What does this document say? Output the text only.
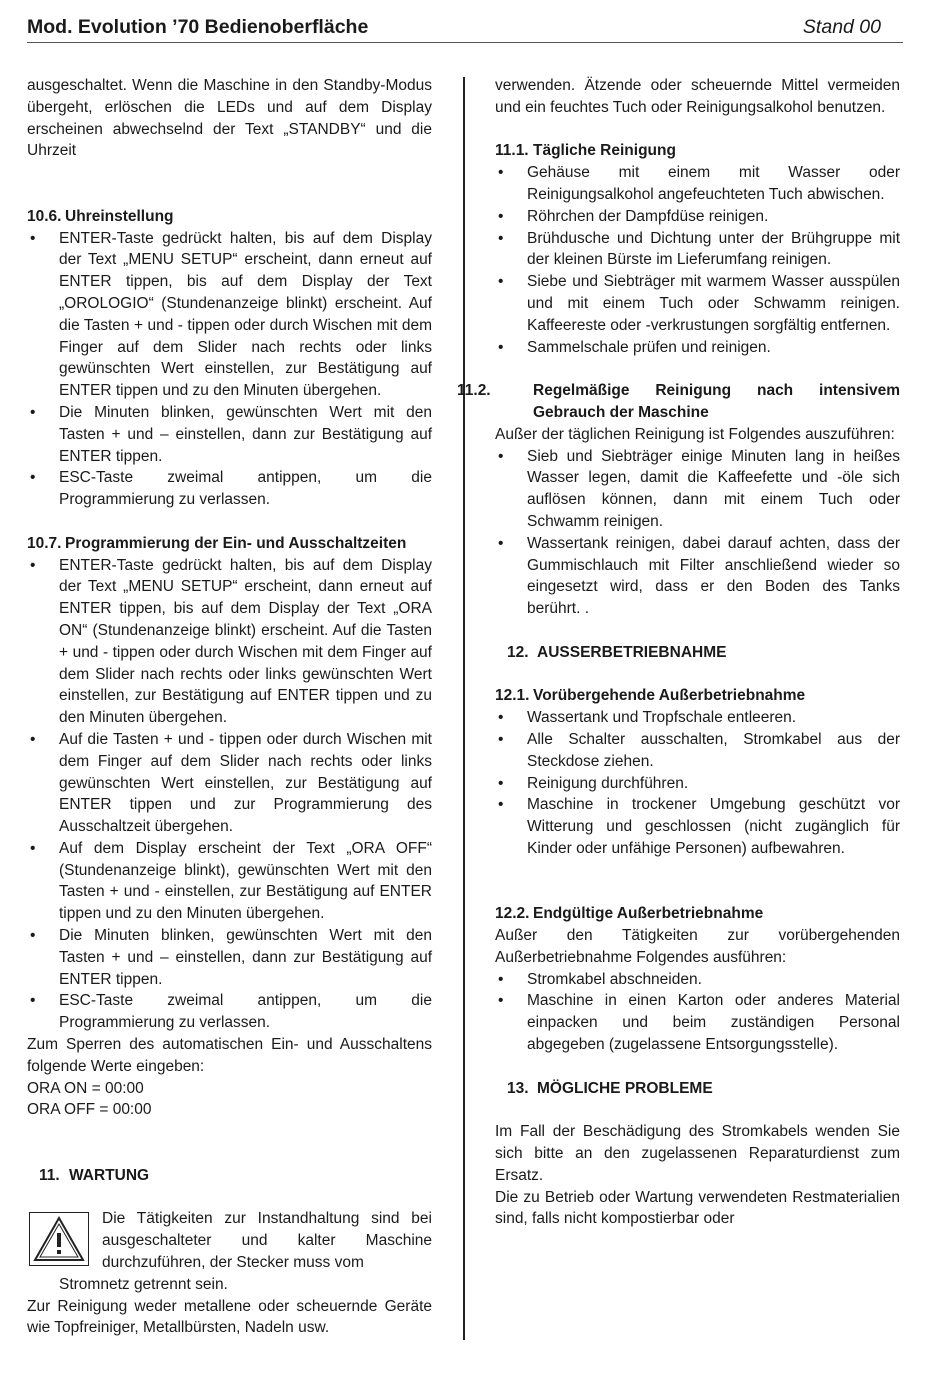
Mod. Evolution ’70 Bedienoberfläche	Stand 00

ausgeschaltet. Wenn die Maschine in den Standby-Modus übergeht, erlöschen die LEDs und auf dem Display erscheinen abwechselnd der Text „STANDBY“ und die Uhrzeit

10.6. Uhreinstellung

• ENTER-Taste gedrückt halten, bis auf dem Display der Text „MENU SETUP“ erscheint, dann erneut auf ENTER tippen, bis auf dem Display der Text „OROLOGIO“ (Stundenanzeige blinkt) erscheint. Auf die Tasten + und - tippen oder durch Wischen mit dem Finger auf dem Slider nach rechts oder links gewünschten Wert einstellen, zur Bestätigung auf ENTER tippen und zu den Minuten übergehen.
• Die Minuten blinken, gewünschten Wert mit den Tasten + und – einstellen, dann zur Bestätigung auf ENTER tippen.
• ESC-Taste zweimal antippen, um die Programmierung zu verlassen.

10.7. Programmierung der Ein- und Ausschaltzeiten

• ENTER-Taste gedrückt halten, bis auf dem Display der Text „MENU SETUP“ erscheint, dann erneut auf ENTER tippen, bis auf dem Display der Text „ORA ON“ (Stundenanzeige blinkt) erscheint. Auf die Tasten + und - tippen oder durch Wischen mit dem Finger auf dem Slider nach rechts oder links gewünschten Wert einstellen, zur Bestätigung auf ENTER tippen und zu den Minuten übergehen.
• Auf die Tasten + und - tippen oder durch Wischen mit dem Finger auf dem Slider nach rechts oder links gewünschten Wert einstellen, zur Bestätigung auf ENTER tippen und zur Programmierung des Ausschaltzeit übergehen.
• Auf dem Display erscheint der Text „ORA OFF“ (Stundenanzeige blinkt), gewünschten Wert mit den Tasten + und - einstellen, zur Bestätigung auf ENTER tippen und zu den Minuten übergehen.
• Die Minuten blinken, gewünschten Wert mit den Tasten + und – einstellen, dann zur Bestätigung auf ENTER tippen.
• ESC-Taste zweimal antippen, um die Programmierung zu verlassen.

Zum Sperren des automatischen Ein- und Ausschaltens folgende Werte eingeben:

ORA ON = 00:00

ORA OFF = 00:00

11. WARTUNG

Die Tätigkeiten zur Instandhaltung sind bei ausgeschalteter und kalter Maschine durchzuführen, der Stecker muss vom
Stromnetz getrennt sein.

Zur Reinigung weder metallene oder scheuernde Geräte wie Topfreiniger, Metallbürsten, Nadeln usw.

verwenden. Ätzende oder scheuernde Mittel vermeiden und ein feuchtes Tuch oder Reinigungsalkohol benutzen.

11.1. Tägliche Reinigung

• Gehäuse mit einem mit Wasser oder Reinigungsalkohol angefeuchteten Tuch abwischen.
• Röhrchen der Dampfdüse reinigen.
• Brühdusche und Dichtung unter der Brühgruppe mit der kleinen Bürste im Lieferumfang reinigen.
• Siebe und Siebträger mit warmem Wasser ausspülen und mit einem Tuch oder Schwamm reinigen. Kaffeereste oder -verkrustungen sorgfältig entfernen.
• Sammelschale prüfen und reinigen.

11.2.	Regelmäßige Reinigung nach intensivem Gebrauch der Maschine

Außer der täglichen Reinigung ist Folgendes auszuführen:

• Sieb und Siebträger einige Minuten lang in heißes Wasser legen, damit die Kaffeefette und -öle sich auflösen können, dann mit einem Tuch oder Schwamm reinigen.
• Wassertank reinigen, dabei darauf achten, dass der Gummischlauch mit Filter anschließend wieder so eingesetzt wird, dass er den Boden des Tanks berührt. .

12. AUSSERBETRIEBNAHME

12.1. Vorübergehende Außerbetriebnahme

• Wassertank und Tropfschale entleeren.
• Alle Schalter ausschalten, Stromkabel aus der Steckdose ziehen.
• Reinigung durchführen.
• Maschine in trockener Umgebung geschützt vor Witterung und geschlossen (nicht zugänglich für Kinder oder unfähige Personen) aufbewahren.

12.2. Endgültige Außerbetriebnahme

Außer den Tätigkeiten zur vorübergehenden Außerbetriebnahme Folgendes ausführen:

• Stromkabel abschneiden.
• Maschine in einen Karton oder anderes Material einpacken und beim zuständigen Personal abgegeben (zugelassene Entsorgungsstelle).

13. MÖGLICHE PROBLEME

Im Fall der Beschädigung des Stromkabels wenden Sie sich bitte an den zugelassenen Reparaturdienst zum Ersatz.

Die zu Betrieb oder Wartung verwendeten Restmaterialien sind, falls nicht kompostierbar oder
